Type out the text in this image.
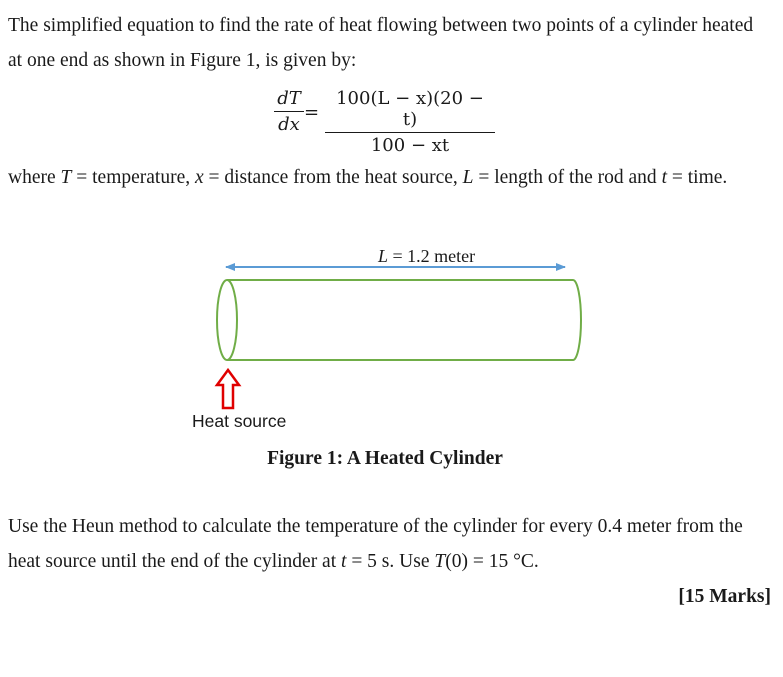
The simplified equation to find the rate of heat flowing between two points of a cylinder heated at one end as shown in Figure 1, is given by:

$\frac{dT}{dx} = \frac{100(L - x)(20 - t)}{100 - xt}$

where T = temperature, x = distance from the heat source, L = length of the rod and t = time.

L = 1.2 meter
Heat source
Figure 1: A Heated Cylinder

Use the Heun method to calculate the temperature of the cylinder for every 0.4 meter from the heat source until the end of the cylinder at t = 5 s. Use T(0) = 15 °C.

[15 Marks]
